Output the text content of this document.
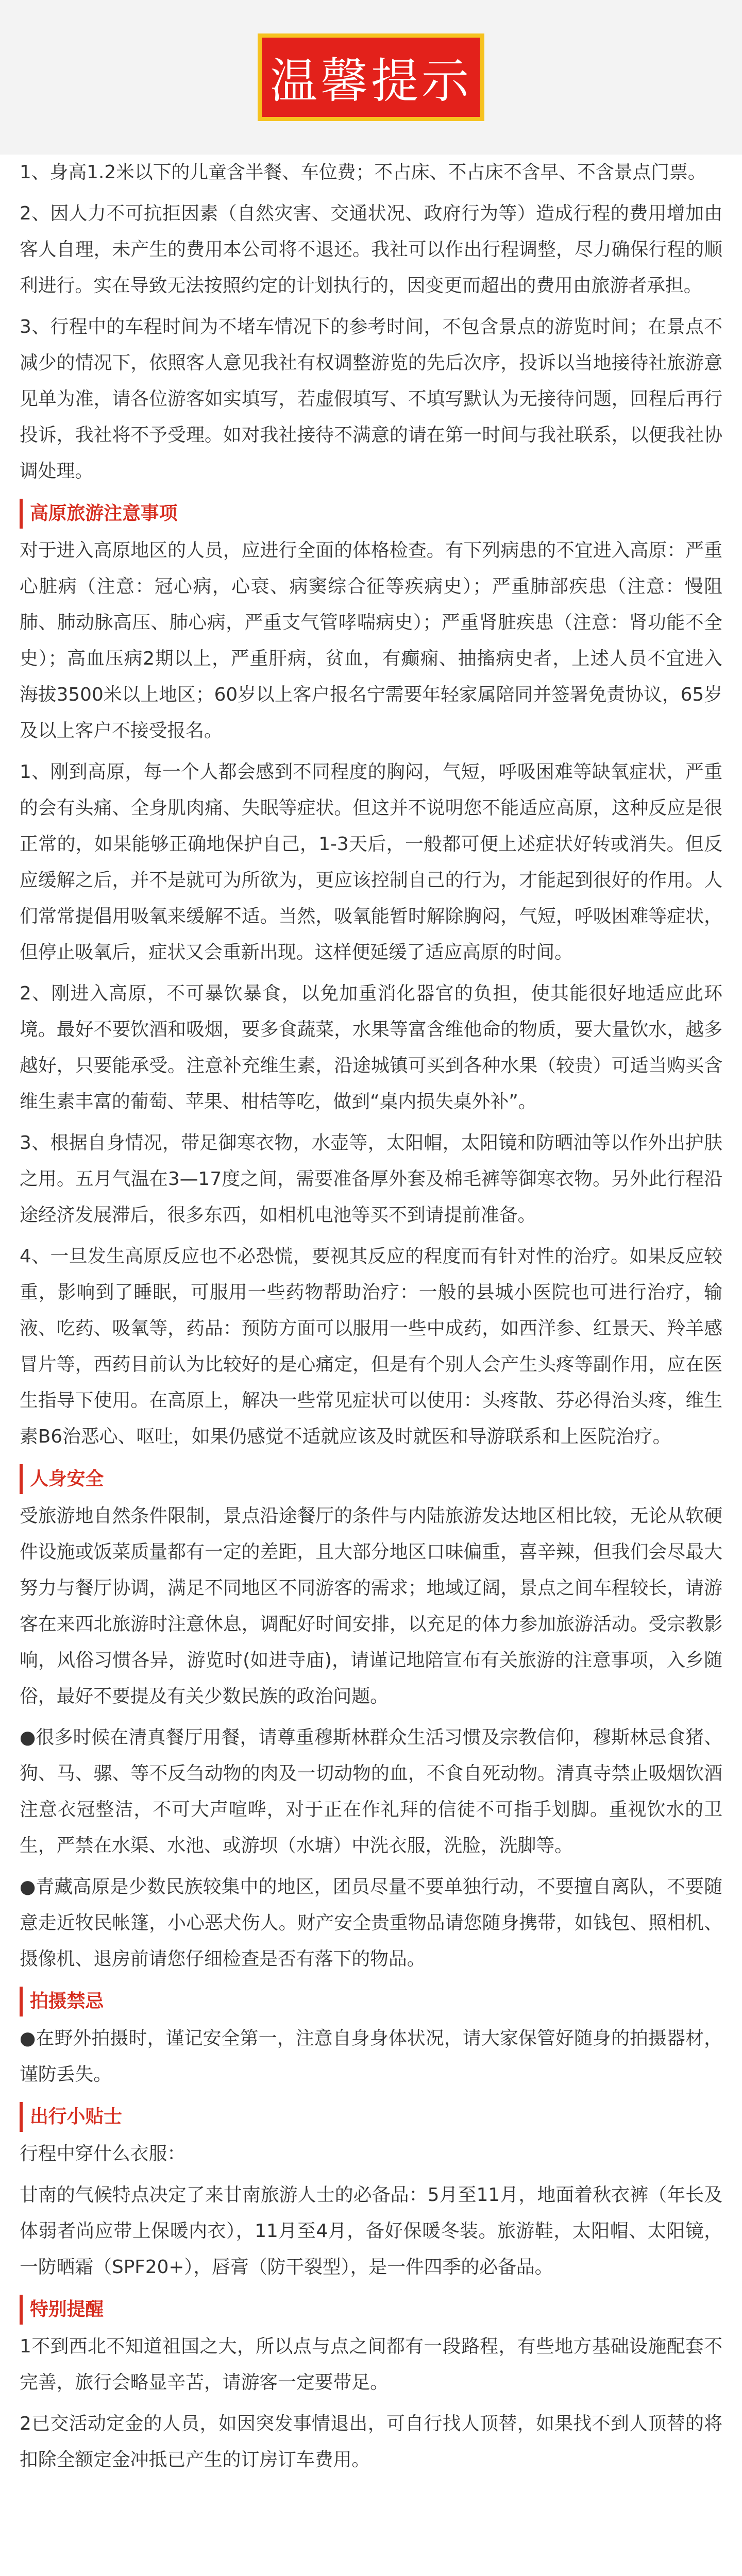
温馨提示

1、身高1.2米以下的儿童含半餐、车位费；不占床、不占床不含早、不含景点门票。

2、因人力不可抗拒因素（自然灾害、交通状况、政府行为等）造成行程的费用增加由客人自理，未产生的费用本公司将不退还。我社可以作出行程调整，尽力确保行程的顺利进行。实在导致无法按照约定的计划执行的，因变更而超出的费用由旅游者承担。

3、行程中的车程时间为不堵车情况下的参考时间，不包含景点的游览时间；在景点不减少的情况下，依照客人意见我社有权调整游览的先后次序，投诉以当地接待社旅游意见单为准，请各位游客如实填写，若虚假填写、不填写默认为无接待问题，回程后再行投诉，我社将不予受理。如对我社接待不满意的请在第一时间与我社联系，以便我社协调处理。

高原旅游注意事项

对于进入高原地区的人员，应进行全面的体格检查。有下列病患的不宜进入高原：严重心脏病（注意：冠心病，心衰、病窦综合征等疾病史）；严重肺部疾患（注意：慢阻肺、肺动脉高压、肺心病，严重支气管哮喘病史）；严重肾脏疾患（注意：肾功能不全史）；高血压病2期以上，严重肝病，贫血，有癫痫、抽搐病史者，上述人员不宜进入海拔3500米以上地区；60岁以上客户报名宁需要年轻家属陪同并签署免责协议，65岁及以上客户不接受报名。

1、刚到高原，每一个人都会感到不同程度的胸闷，气短，呼吸困难等缺氧症状，严重的会有头痛、全身肌肉痛、失眠等症状。但这并不说明您不能适应高原，这种反应是很正常的，如果能够正确地保护自己，1-3天后，一般都可便上述症状好转或消失。但反应缓解之后，并不是就可为所欲为，更应该控制自己的行为，才能起到很好的作用。人们常常提倡用吸氧来缓解不适。当然，吸氧能暂时解除胸闷，气短，呼吸困难等症状，但停止吸氧后，症状又会重新出现。这样便延缓了适应高原的时间。

2、刚进入高原，不可暴饮暴食，以免加重消化器官的负担，使其能很好地适应此环境。最好不要饮酒和吸烟，要多食蔬菜，水果等富含维他命的物质，要大量饮水，越多越好，只要能承受。注意补充维生素，沿途城镇可买到各种水果（较贵）可适当购买含维生素丰富的葡萄、苹果、柑桔等吃，做到“桌内损失桌外补”。

3、根据自身情况，带足御寒衣物，水壶等，太阳帽，太阳镜和防晒油等以作外出护肤之用。五月气温在3—17度之间，需要准备厚外套及棉毛裤等御寒衣物。另外此行程沿途经济发展滞后，很多东西，如相机电池等买不到请提前准备。

4、一旦发生高原反应也不必恐慌，要视其反应的程度而有针对性的治疗。如果反应较重，影响到了睡眠，可服用一些药物帮助治疗：一般的县城小医院也可进行治疗，输液、吃药、吸氧等，药品：预防方面可以服用一些中成药，如西洋参、红景天、羚羊感冒片等，西药目前认为比较好的是心痛定，但是有个别人会产生头疼等副作用，应在医生指导下使用。在高原上，解决一些常见症状可以使用：头疼散、芬必得治头疼，维生素B6治恶心、呕吐，如果仍感觉不适就应该及时就医和导游联系和上医院治疗。

人身安全

受旅游地自然条件限制，景点沿途餐厅的条件与内陆旅游发达地区相比较，无论从软硬件设施或饭菜质量都有一定的差距，且大部分地区口味偏重，喜辛辣，但我们会尽最大努力与餐厅协调，满足不同地区不同游客的需求；地域辽阔，景点之间车程较长，请游客在来西北旅游时注意休息，调配好时间安排，以充足的体力参加旅游活动。受宗教影响，风俗习惯各异，游览时(如进寺庙)，请谨记地陪宣布有关旅游的注意事项，入乡随俗，最好不要提及有关少数民族的政治问题。

●很多时候在清真餐厅用餐，请尊重穆斯林群众生活习惯及宗教信仰，穆斯林忌食猪、狗、马、骡、等不反刍动物的肉及一切动物的血，不食自死动物。清真寺禁止吸烟饮酒注意衣冠整洁，不可大声喧哗，对于正在作礼拜的信徒不可指手划脚。重视饮水的卫生，严禁在水渠、水池、或游坝（水塘）中洗衣服，洗脸，洗脚等。

●青藏高原是少数民族较集中的地区，团员尽量不要单独行动，不要擅自离队，不要随意走近牧民帐篷，小心恶犬伤人。财产安全贵重物品请您随身携带，如钱包、照相机、摄像机、退房前请您仔细检查是否有落下的物品。

拍摄禁忌

●在野外拍摄时，谨记安全第一，注意自身身体状况，请大家保管好随身的拍摄器材，谨防丢失。

出行小贴士

行程中穿什么衣服：

甘南的气候特点决定了来甘南旅游人士的必备品：5月至11月，地面着秋衣裤（年长及体弱者尚应带上保暖内衣），11月至4月，备好保暖冬装。旅游鞋，太阳帽、太阳镜，一防晒霜（SPF20+），唇膏（防干裂型），是一件四季的必备品。

特别提醒

1不到西北不知道祖国之大，所以点与点之间都有一段路程，有些地方基础设施配套不完善，旅行会略显辛苦，请游客一定要带足。

2已交活动定金的人员，如因突发事情退出，可自行找人顶替，如果找不到人顶替的将扣除全额定金冲抵已产生的订房订车费用。
